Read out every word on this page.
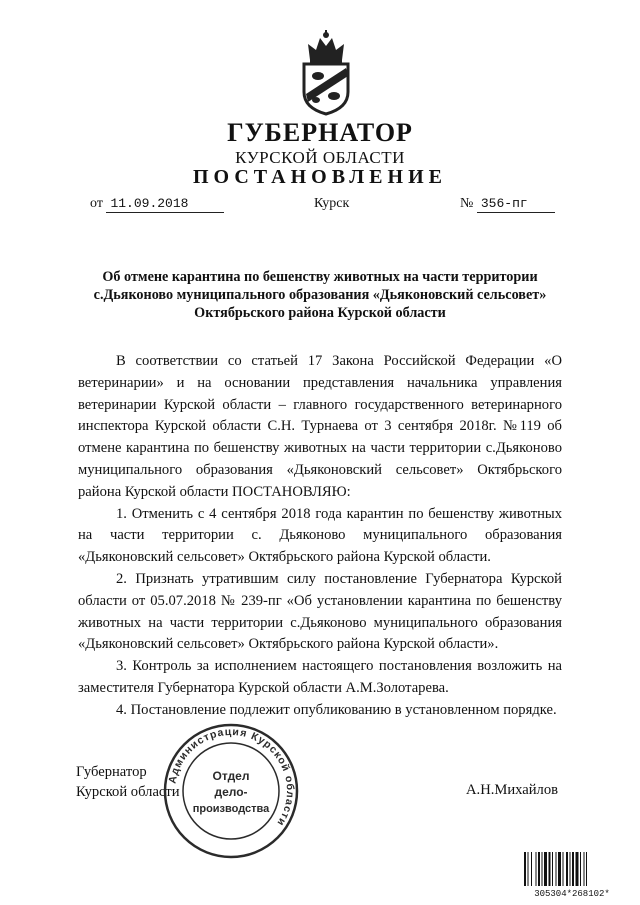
ГУБЕРНАТОР
КУРСКОЙ ОБЛАСТИ
ПОСТАНОВЛЕНИЕ
от 11.09.2018	Курск	№ 356-пг
Об отмене карантина по бешенству животных на части территории
с.Дьяконово муниципального образования «Дьяконовский сельсовет»
Октябрьского района Курской области

В соответствии со статьей 17 Закона Российской Федерации «О ветеринарии» и на основании представления начальника управления ветеринарии Курской области – главного государственного ветеринарного инспектора Курской области С.Н. Турнаева от 3 сентября 2018г. №119 об отмене карантина по бешенству животных на части территории с.Дьяконово муниципального образования «Дьяконовский сельсовет» Октябрьского района Курской области ПОСТАНОВЛЯЮ:

1. Отменить с 4 сентября 2018 года карантин по бешенству животных на части территории с. Дьяконово муниципального образования «Дьяконовский сельсовет» Октябрьского района Курской области.

2. Признать утратившим силу постановление Губернатора Курской области от 05.07.2018 № 239-пг «Об установлении карантина по бешенству животных на части территории с.Дьяконово муниципального образования «Дьяконовский сельсовет» Октябрьского района Курской области».

3. Контроль за исполнением настоящего постановления возложить на заместителя Губернатора Курской области А.М.Золотарева.

4. Постановление подлежит опубликованию в установленном порядке.

Губернатор
Курской области	А.Н.Михайлов
Администрация Курской области
Отдел
дело-
производства
305304*268102*
